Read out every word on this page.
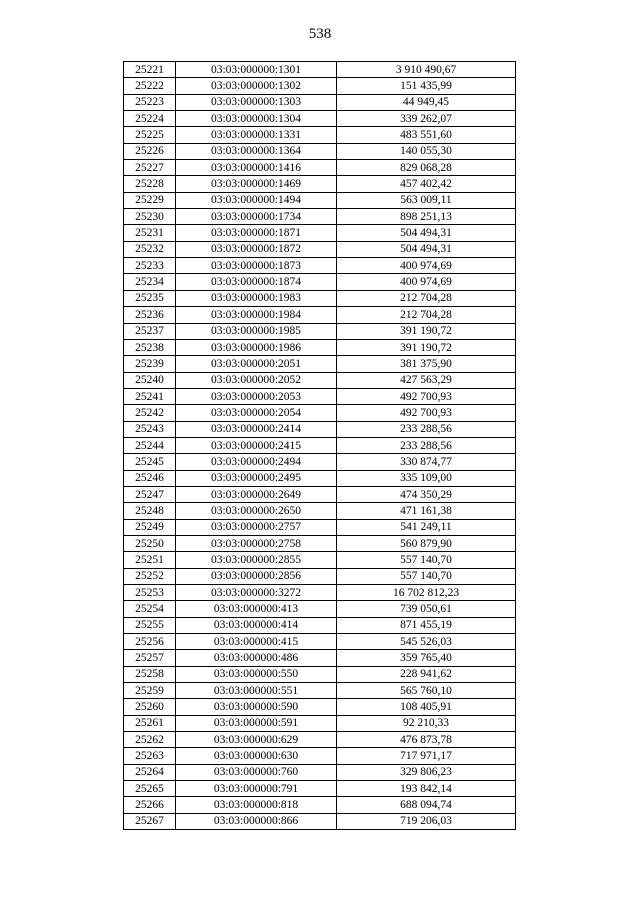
538
25221	03:03:000000:1301	3 910 490,67
25222	03:03:000000:1302	151 435,99
25223	03:03:000000:1303	44 949,45
25224	03:03:000000:1304	339 262,07
25225	03:03:000000:1331	483 551,60
25226	03:03:000000:1364	140 055,30
25227	03:03:000000:1416	829 068,28
25228	03:03:000000:1469	457 402,42
25229	03:03:000000:1494	563 009,11
25230	03:03:000000:1734	898 251,13
25231	03:03:000000:1871	504 494,31
25232	03:03:000000:1872	504 494,31
25233	03:03:000000:1873	400 974,69
25234	03:03:000000:1874	400 974,69
25235	03:03:000000:1983	212 704,28
25236	03:03:000000:1984	212 704,28
25237	03:03:000000:1985	391 190,72
25238	03:03:000000:1986	391 190,72
25239	03:03:000000:2051	381 375,90
25240	03:03:000000:2052	427 563,29
25241	03:03:000000:2053	492 700,93
25242	03:03:000000:2054	492 700,93
25243	03:03:000000:2414	233 288,56
25244	03:03:000000:2415	233 288,56
25245	03:03:000000:2494	330 874,77
25246	03:03:000000:2495	335 109,00
25247	03:03:000000:2649	474 350,29
25248	03:03:000000:2650	471 161,38
25249	03:03:000000:2757	541 249,11
25250	03:03:000000:2758	560 879,90
25251	03:03:000000:2855	557 140,70
25252	03:03:000000:2856	557 140,70
25253	03:03:000000:3272	16 702 812,23
25254	03:03:000000:413	739 050,61
25255	03:03:000000:414	871 455,19
25256	03:03:000000:415	545 526,03
25257	03:03:000000:486	359 765,40
25258	03:03:000000:550	228 941,62
25259	03:03:000000:551	565 760,10
25260	03:03:000000:590	108 405,91
25261	03:03:000000:591	92 210,33
25262	03:03:000000:629	476 873,78
25263	03:03:000000:630	717 971,17
25264	03:03:000000:760	329 806,23
25265	03:03:000000:791	193 842,14
25266	03:03:000000:818	688 094,74
25267	03:03:000000:866	719 206,03
